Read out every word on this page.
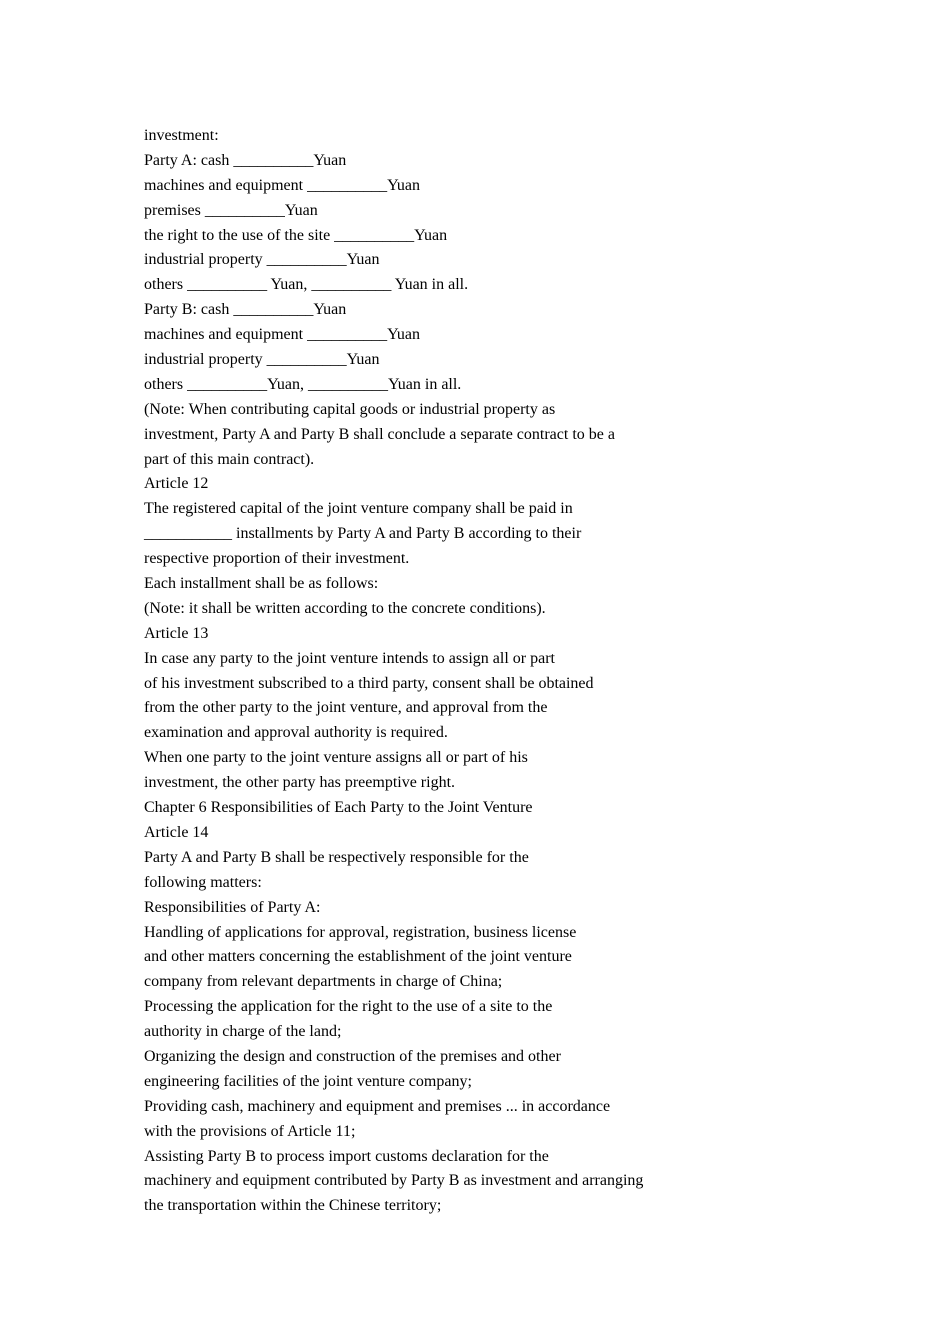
investment:
Party A: cash __________Yuan
machines and equipment __________Yuan
premises __________Yuan
the right to the use of the site __________Yuan
industrial property __________Yuan
others __________ Yuan, __________ Yuan in all.
Party B: cash __________Yuan
machines and equipment __________Yuan
industrial property __________Yuan
others __________Yuan, __________Yuan in all.
(Note: When contributing capital goods or industrial property as
investment, Party A and Party B shall conclude a separate contract to be a
part of this main contract).
Article 12
The registered capital of the joint venture company shall be paid in
___________ installments by Party A and Party B according to their
respective proportion of their investment.
Each installment shall be as follows:
(Note: it shall be written according to the concrete conditions).
Article 13
In case any party to the joint venture intends to assign all or part
of his investment subscribed to a third party, consent shall be obtained
from the other party to the joint venture, and approval from the
examination and approval authority is required.
When one party to the joint venture assigns all or part of his
investment, the other party has preemptive right.
Chapter 6 Responsibilities of Each Party to the Joint Venture
Article 14
Party A and Party B shall be respectively responsible for the
following matters:
Responsibilities of Party A:
Handling of applications for approval, registration, business license
and other matters concerning the establishment of the joint venture
company from relevant departments in charge of China;
Processing the application for the right to the use of a site to the
authority in charge of the land;
Organizing the design and construction of the premises and other
engineering facilities of the joint venture company;
Providing cash, machinery and equipment and premises ... in accordance
with the provisions of Article 11;
Assisting Party B to process import customs declaration for the
machinery and equipment contributed by Party B as investment and arranging
the transportation within the Chinese territory;
